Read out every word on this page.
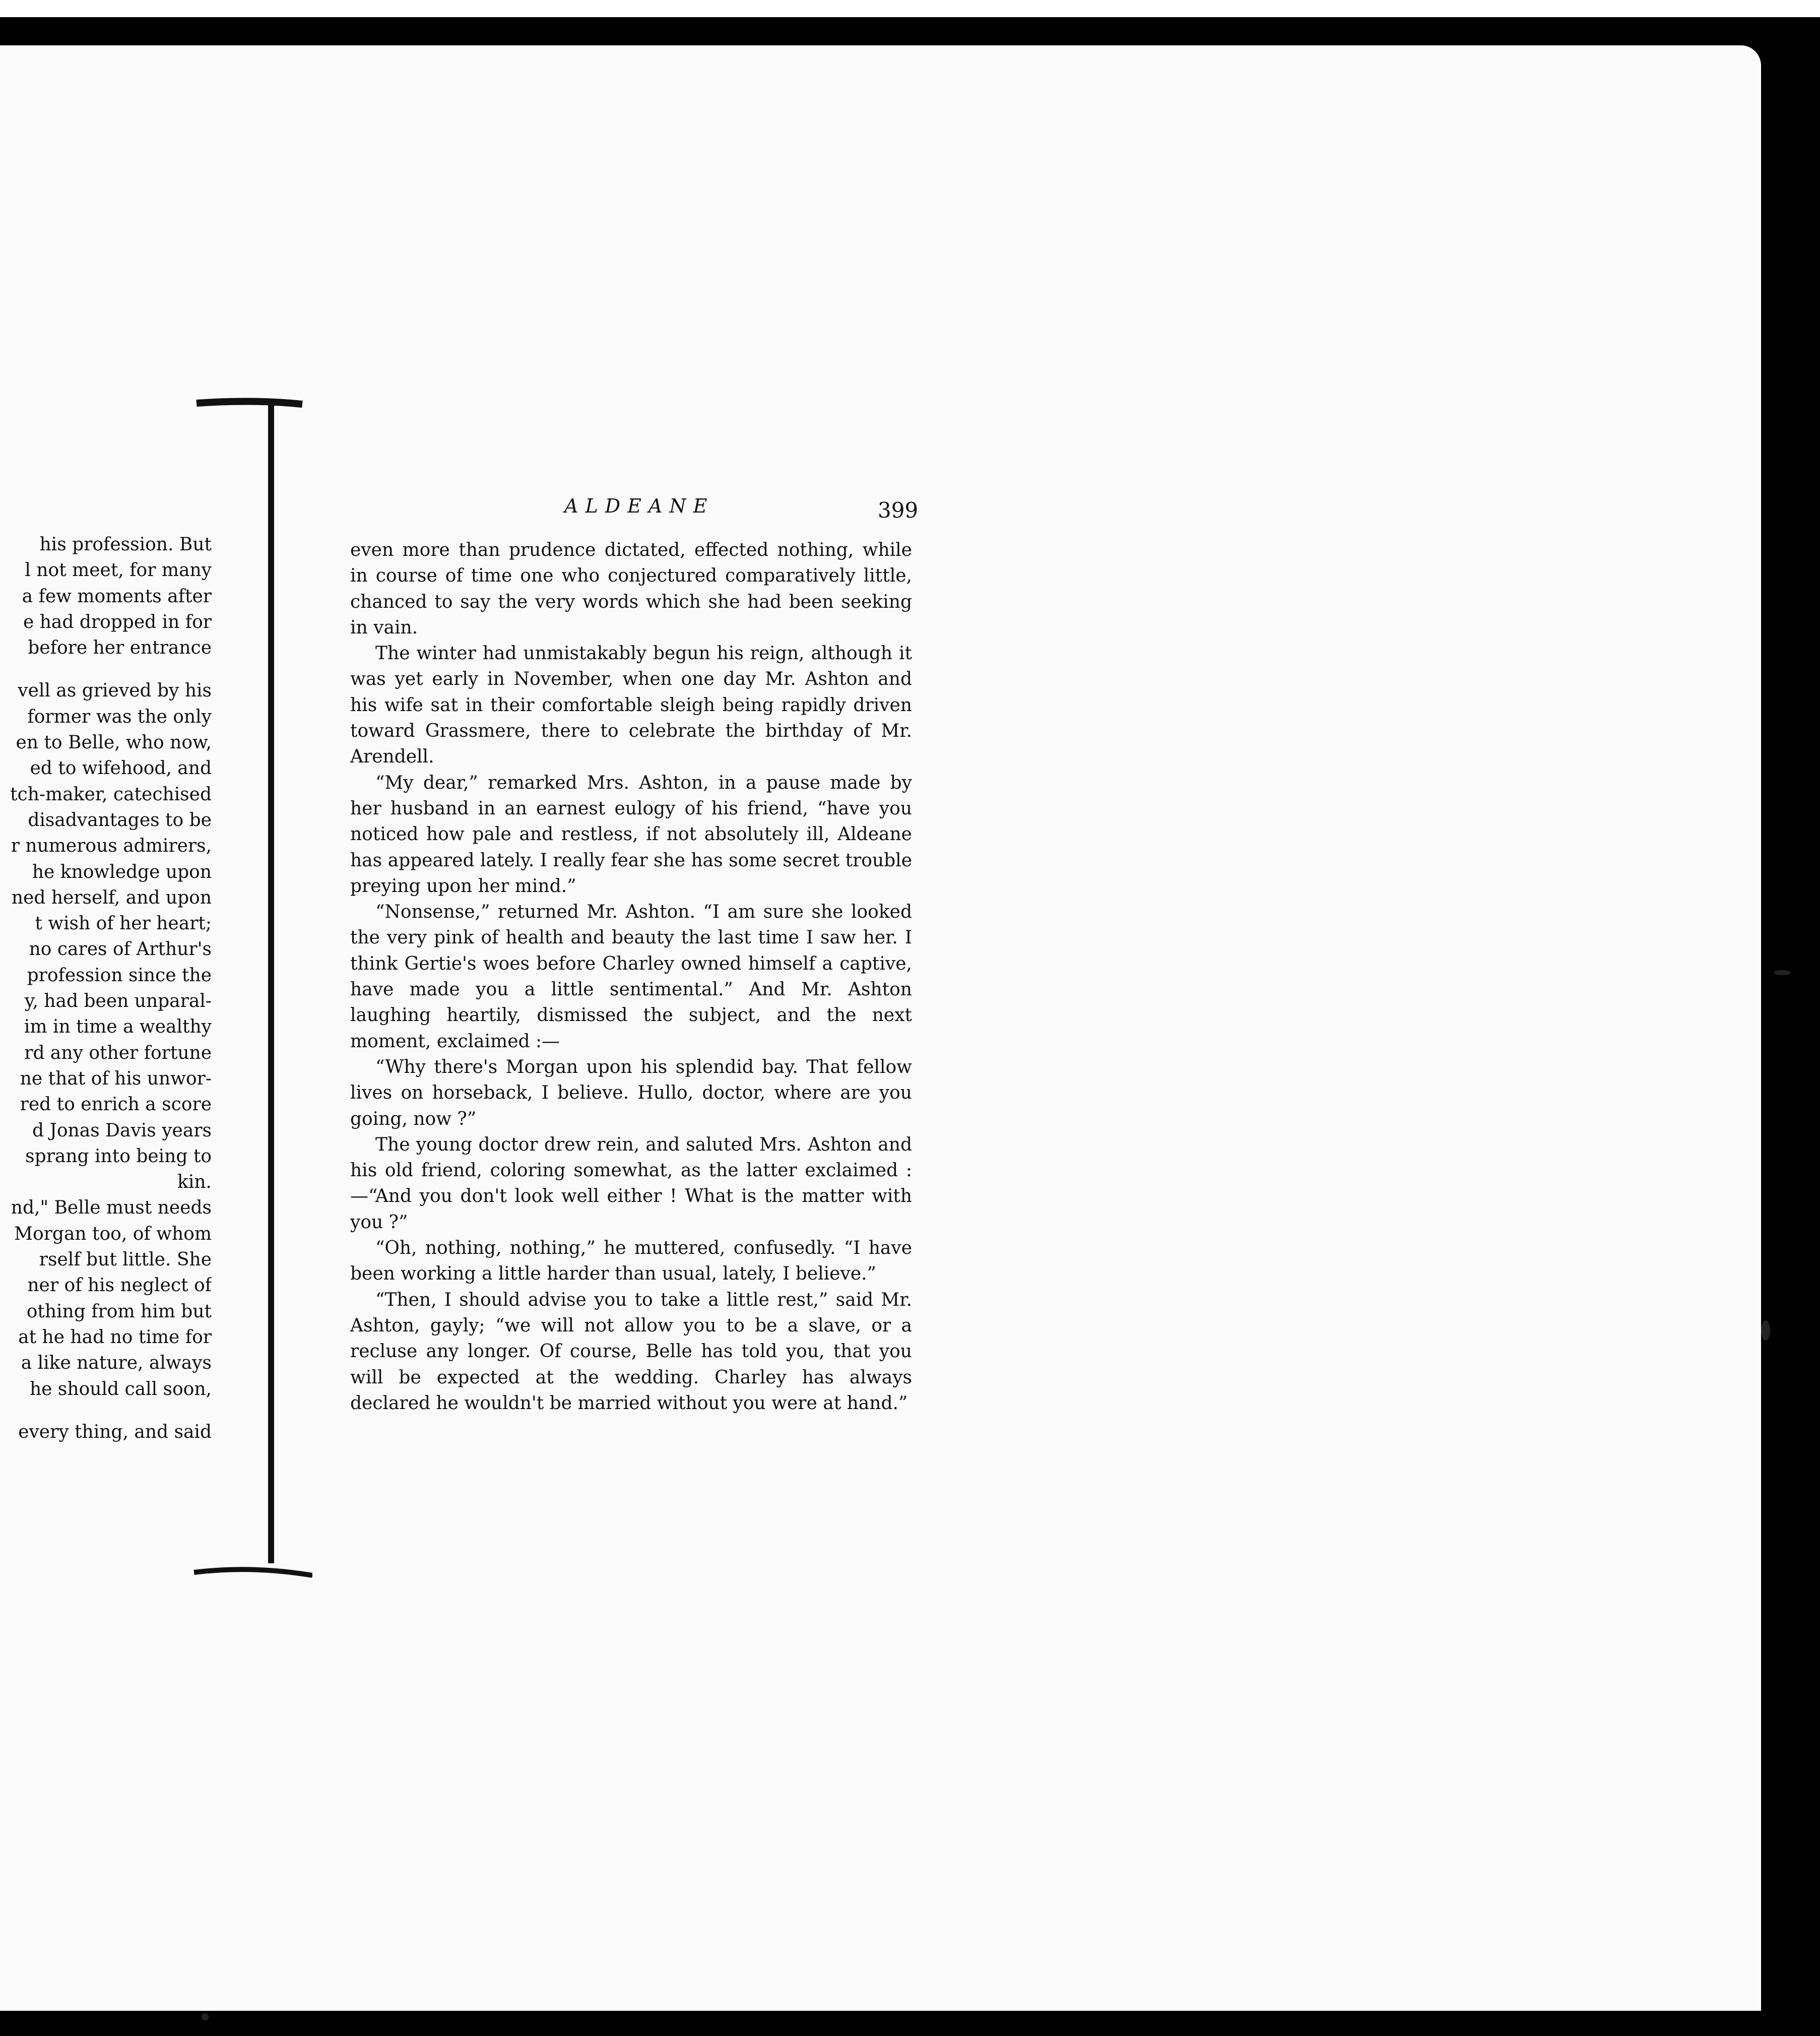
his profession. But
l not meet, for many
a few moments after
e had dropped in for
before her entrance
vell as grieved by his
former was the only
en to Belle, who now,
ed to wifehood, and
tch-maker, catechised
disadvantages to be
r numerous admirers,
he knowledge upon
ned herself, and upon
t wish of her heart;
no cares of Arthur's
profession since the
y, had been unparal-
im in time a wealthy
rd any other fortune
ne that of his unwor-
red to enrich a score
d Jonas Davis years
sprang into being to
kin.
nd," Belle must needs
Morgan too, of whom
rself but little. She
ner of his neglect of
othing from him but
at he had no time for
a like nature, always
he should call soon,
every thing, and said
ALDEANE	399

even more than prudence dictated, effected nothing, while in course of time one who conjectured comparatively little, chanced to say the very words which she had been seeking in vain.

The winter had unmistakably begun his reign, although it was yet early in November, when one day Mr. Ashton and his wife sat in their comfortable sleigh being rapidly driven toward Grassmere, there to celebrate the birthday of Mr. Arendell.

“My dear,” remarked Mrs. Ashton, in a pause made by her husband in an earnest eulogy of his friend, “have you noticed how pale and restless, if not absolutely ill, Aldeane has appeared lately. I really fear she has some secret trouble preying upon her mind.”

“Nonsense,” returned Mr. Ashton. “I am sure she looked the very pink of health and beauty the last time I saw her. I think Gertie's woes before Charley owned himself a captive, have made you a little sentimental.” And Mr. Ashton laughing heartily, dismissed the subject, and the next moment, exclaimed :—

“Why there's Morgan upon his splendid bay. That fellow lives on horseback, I believe. Hullo, doctor, where are you going, now ?”

The young doctor drew rein, and saluted Mrs. Ashton and his old friend, coloring somewhat, as the latter exclaimed :—“And you don't look well either ! What is the matter with you ?”

“Oh, nothing, nothing,” he muttered, confusedly. “I have been working a little harder than usual, lately, I believe.”

“Then, I should advise you to take a little rest,” said Mr. Ashton, gayly; “we will not allow you to be a slave, or a recluse any longer. Of course, Belle has told you, that you will be expected at the wedding. Charley has always declared he wouldn't be married without you were at hand.”
